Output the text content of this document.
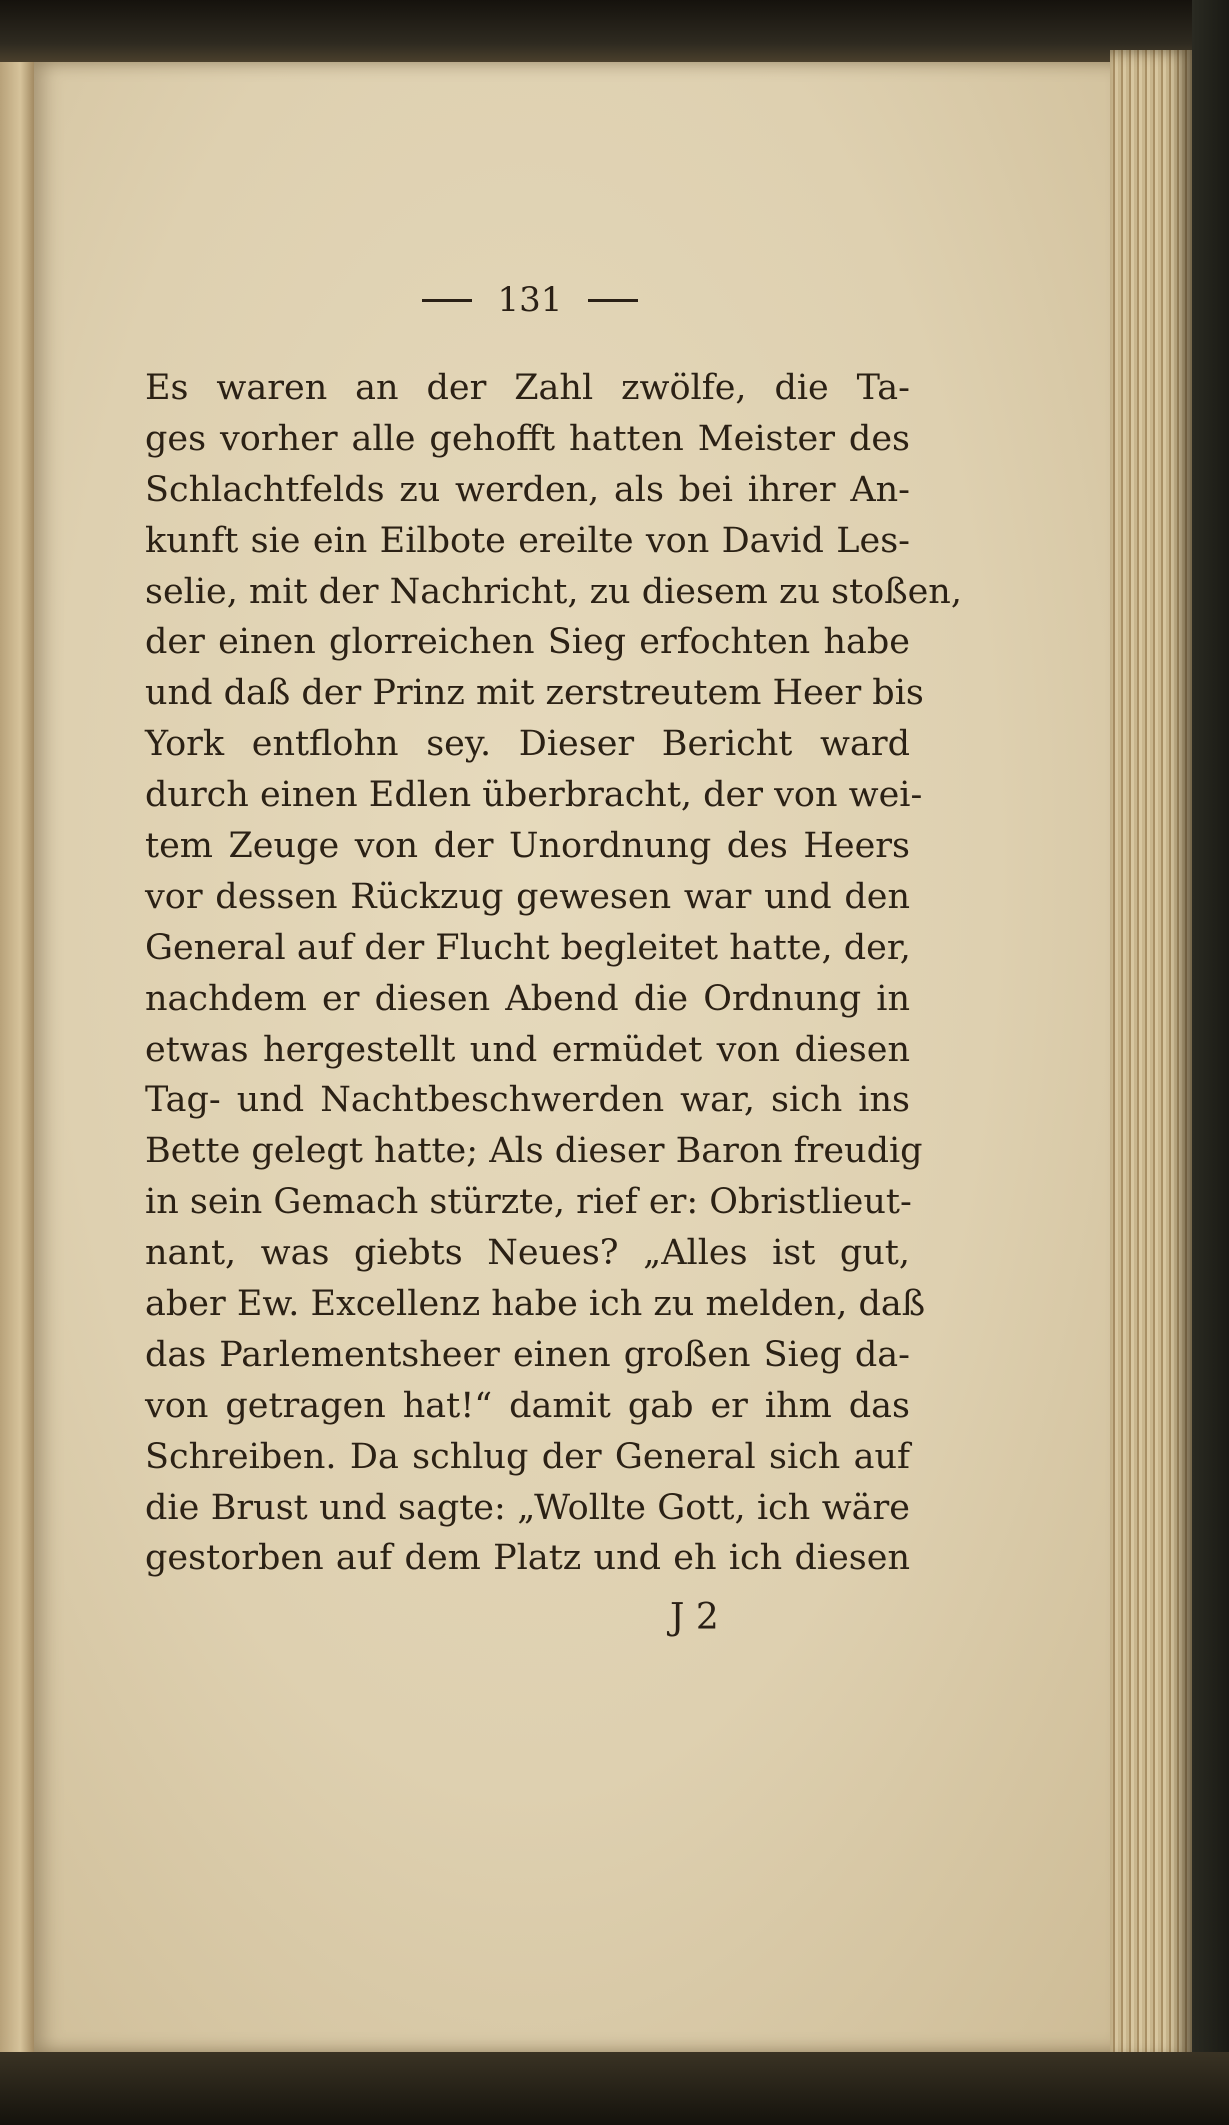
131
Es waren an der Zahl zwölfe, die Ta-
ges vorher alle gehofft hatten Meister des
Schlachtfelds zu werden, als bei ihrer An-
kunft sie ein Eilbote ereilte von David Les-
selie, mit der Nachricht, zu diesem zu stoßen,
der einen glorreichen Sieg erfochten habe
und daß der Prinz mit zerstreutem Heer bis
York entflohn sey. Dieser Bericht ward
durch einen Edlen überbracht, der von wei-
tem Zeuge von der Unordnung des Heers
vor dessen Rückzug gewesen war und den
General auf der Flucht begleitet hatte, der,
nachdem er diesen Abend die Ordnung in
etwas hergestellt und ermüdet von diesen
Tag- und Nachtbeschwerden war, sich ins
Bette gelegt hatte; Als dieser Baron freudig
in sein Gemach stürzte, rief er: Obristlieut-
nant, was giebts Neues? „Alles ist gut,
aber Ew. Excellenz habe ich zu melden, daß
das Parlementsheer einen großen Sieg da-
von getragen hat!“ damit gab er ihm das
Schreiben. Da schlug der General sich auf
die Brust und sagte: „Wollte Gott, ich wäre
gestorben auf dem Platz und eh ich diesen
J 2
